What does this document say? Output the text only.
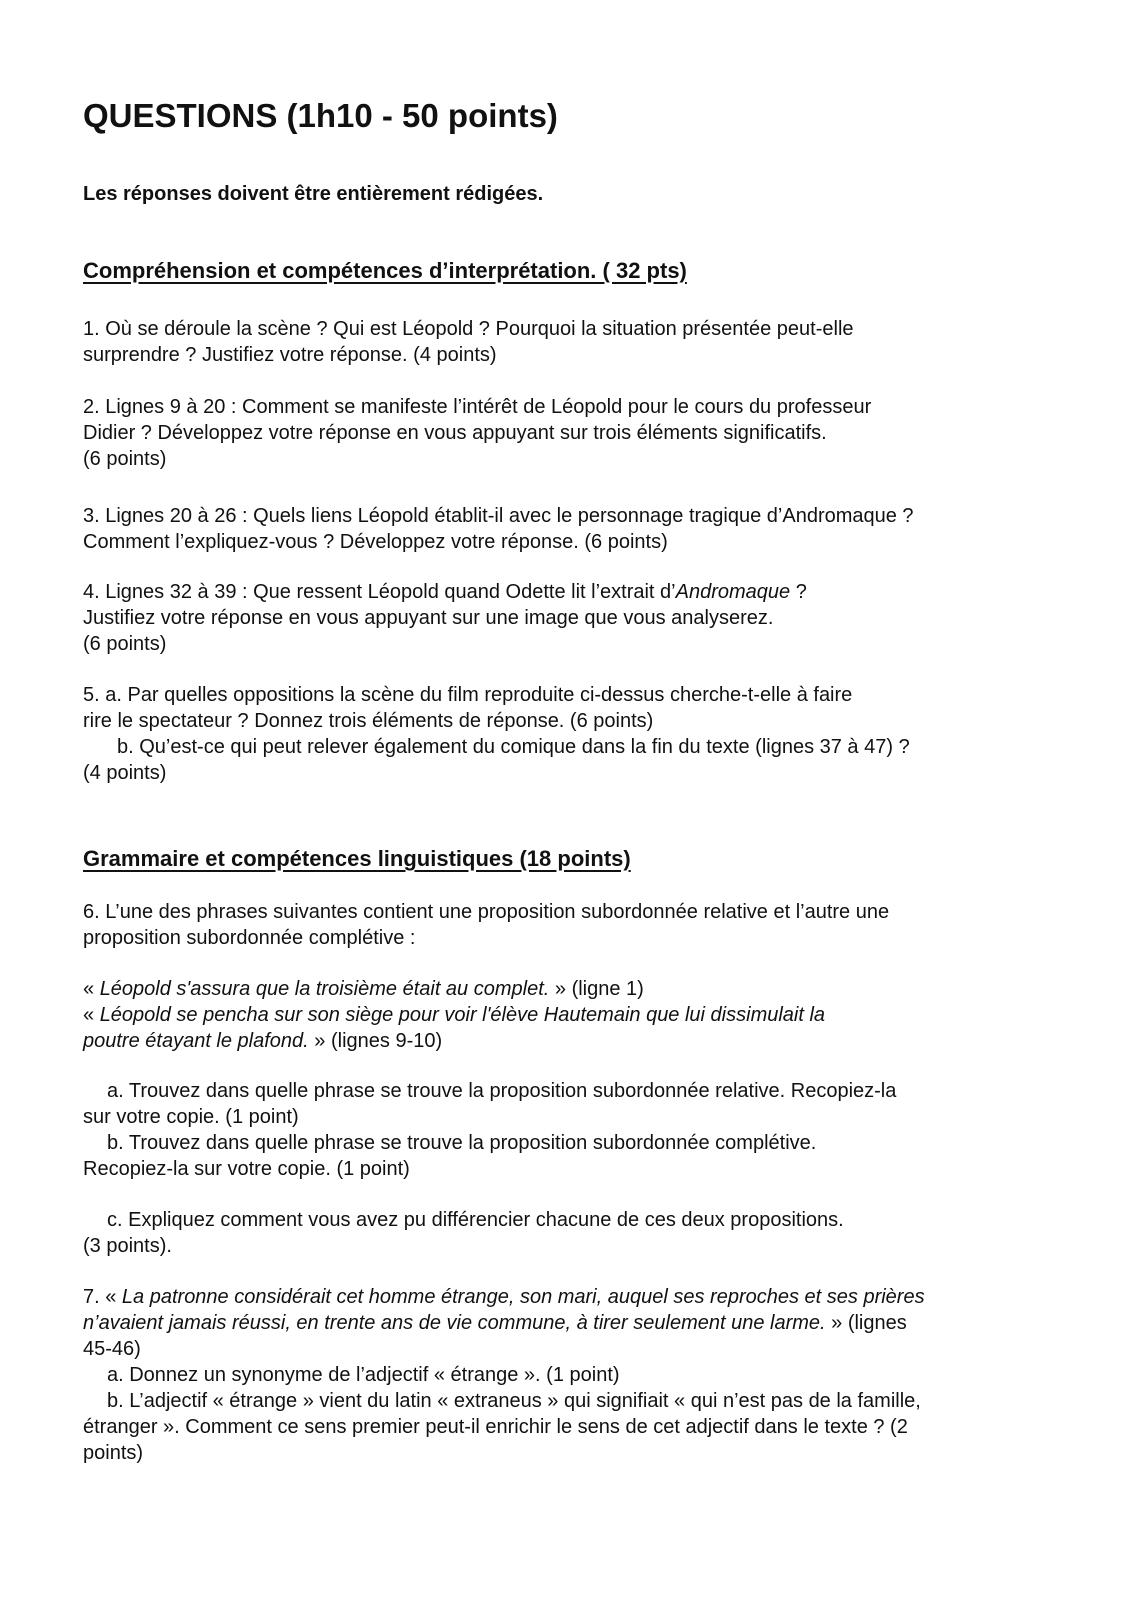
QUESTIONS (1h10 - 50 points)

Les réponses doivent être entièrement rédigées.

Compréhension et compétences d’interprétation. ( 32 pts)
1. Où se déroule la scène ? Qui est Léopold ? Pourquoi la situation présentée peut-elle
surprendre ? Justifiez votre réponse. (4 points)
2. Lignes 9 à 20 : Comment se manifeste l’intérêt de Léopold pour le cours du professeur
Didier ? Développez votre réponse en vous appuyant sur trois éléments significatifs.
(6 points)
3. Lignes 20 à 26 : Quels liens Léopold établit-il avec le personnage tragique d’Andromaque ?
Comment l’expliquez-vous ? Développez votre réponse. (6 points)
4. Lignes 32 à 39 : Que ressent Léopold quand Odette lit l’extrait d’Andromaque ?
Justifiez votre réponse en vous appuyant sur une image que vous analyserez.
(6 points)
5. a. Par quelles oppositions la scène du film reproduite ci-dessus cherche-t-elle à faire
rire le spectateur ? Donnez trois éléments de réponse. (6 points)
b. Qu’est-ce qui peut relever également du comique dans la fin du texte (lignes 37 à 47) ?
(4 points)
Grammaire et compétences linguistiques (18 points)
6. L’une des phrases suivantes contient une proposition subordonnée relative et l’autre une
proposition subordonnée complétive :
« Léopold s'assura que la troisième était au complet. » (ligne 1)
« Léopold se pencha sur son siège pour voir l'élève Hautemain que lui dissimulait la
poutre étayant le plafond. » (lignes 9-10)
a. Trouvez dans quelle phrase se trouve la proposition subordonnée relative. Recopiez-la
sur votre copie. (1 point)
b. Trouvez dans quelle phrase se trouve la proposition subordonnée complétive.
Recopiez-la sur votre copie. (1 point)
c. Expliquez comment vous avez pu différencier chacune de ces deux propositions.
(3 points).
7. « La patronne considérait cet homme étrange, son mari, auquel ses reproches et ses prières
n’avaient jamais réussi, en trente ans de vie commune, à tirer seulement une larme. » (lignes
45-46)
a. Donnez un synonyme de l’adjectif « étrange ». (1 point)
b. L’adjectif « étrange » vient du latin « extraneus » qui signifiait « qui n’est pas de la famille,
étranger ». Comment ce sens premier peut-il enrichir le sens de cet adjectif dans le texte ? (2
points)
